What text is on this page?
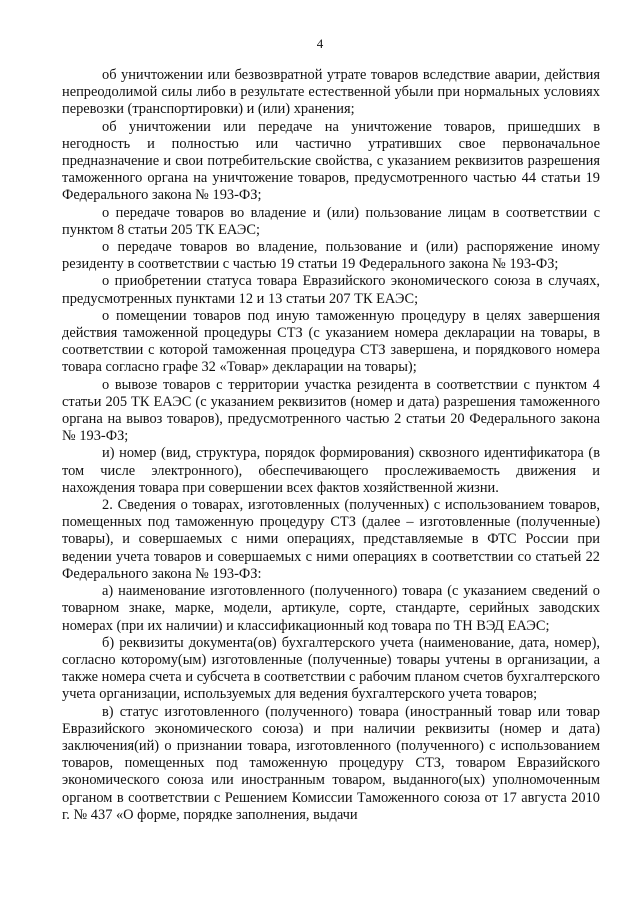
4

об уничтожении или безвозвратной утрате товаров вследствие аварии, действия непреодолимой силы либо в результате естественной убыли при нормальных условиях перевозки (транспортировки) и (или) хранения;

об уничтожении или передаче на уничтожение товаров, пришедших в негодность и полностью или частично утративших свое первоначальное предназначение и свои потребительские свойства, с указанием реквизитов разрешения таможенного органа на уничтожение товаров, предусмотренного частью 44 статьи 19 Федерального закона № 193-ФЗ;

о передаче товаров во владение и (или) пользование лицам в соответствии с пунктом 8 статьи 205 ТК ЕАЭС;

о передаче товаров во владение, пользование и (или) распоряжение иному резиденту в соответствии с частью 19 статьи 19 Федерального закона № 193-ФЗ;

о приобретении статуса товара Евразийского экономического союза в случаях, предусмотренных пунктами 12 и 13 статьи 207 ТК ЕАЭС;

о помещении товаров под иную таможенную процедуру в целях завершения действия таможенной процедуры СТЗ (с указанием номера декларации на товары, в соответствии с которой таможенная процедура СТЗ завершена, и порядкового номера товара согласно графе 32 «Товар» декларации на товары);

о вывозе товаров с территории участка резидента в соответствии с пунктом 4 статьи 205 ТК ЕАЭС (с указанием реквизитов (номер и дата) разрешения таможенного органа на вывоз товаров), предусмотренного частью 2 статьи 20 Федерального закона № 193-ФЗ;

и) номер (вид, структура, порядок формирования) сквозного идентификатора (в том числе электронного), обеспечивающего прослеживаемость движения и нахождения товара при совершении всех фактов хозяйственной жизни.

2. Сведения о товарах, изготовленных (полученных) с использованием товаров, помещенных под таможенную процедуру СТЗ (далее – изготовленные (полученные) товары), и совершаемых с ними операциях, представляемые в ФТС России при ведении учета товаров и совершаемых с ними операциях в соответствии со статьей 22 Федерального закона № 193-ФЗ:

а) наименование изготовленного (полученного) товара (с указанием сведений о товарном знаке, марке, модели, артикуле, сорте, стандарте, серийных заводских номерах (при их наличии) и классификационный код товара по ТН ВЭД ЕАЭС;

б) реквизиты документа(ов) бухгалтерского учета (наименование, дата, номер), согласно которому(ым) изготовленные (полученные) товары учтены в организации, а также номера счета и субсчета в соответствии с рабочим планом счетов бухгалтерского учета организации, используемых для ведения бухгалтерского учета товаров;

в) статус изготовленного (полученного) товара (иностранный товар или товар Евразийского экономического союза) и при наличии реквизиты (номер и дата) заключения(ий) о признании товара, изготовленного (полученного) с использованием товаров, помещенных под таможенную процедуру СТЗ, товаром Евразийского экономического союза или иностранным товаром, выданного(ых) уполномоченным органом в соответствии с Решением Комиссии Таможенного союза от 17 августа 2010 г. № 437 «О форме, порядке заполнения, выдачи
